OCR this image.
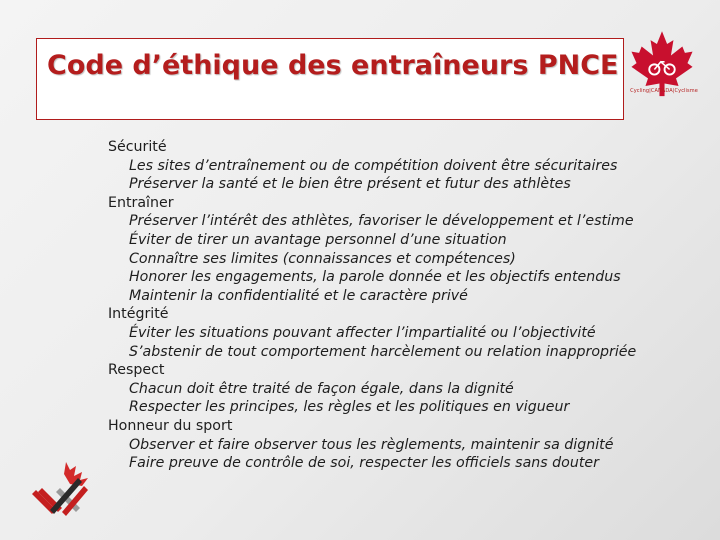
Code d’éthique des entraîneurs PNCE
Cycling|CANADA|Cyclisme
Sécurité
Les sites d’entraînement ou de compétition doivent être sécuritaires
Préserver la santé et le bien être présent et futur des athlètes
Entraîner
Préserver l’intérêt des athlètes, favoriser le développement et l’estime
Éviter de tirer un avantage personnel d’une situation
Connaître ses limites (connaissances et compétences)
Honorer les engagements, la parole donnée et les objectifs entendus
Maintenir la confidentialité et le caractère privé
Intégrité
Éviter les situations pouvant affecter l’impartialité ou l’objectivité
S’abstenir de tout comportement harcèlement ou relation inappropriée
Respect
Chacun doit être traité de façon égale, dans la dignité
Respecter les principes, les règles et les politiques en vigueur
Honneur du sport
Observer et faire observer tous les règlements, maintenir sa dignité
Faire preuve de contrôle de soi, respecter les officiels sans douter
